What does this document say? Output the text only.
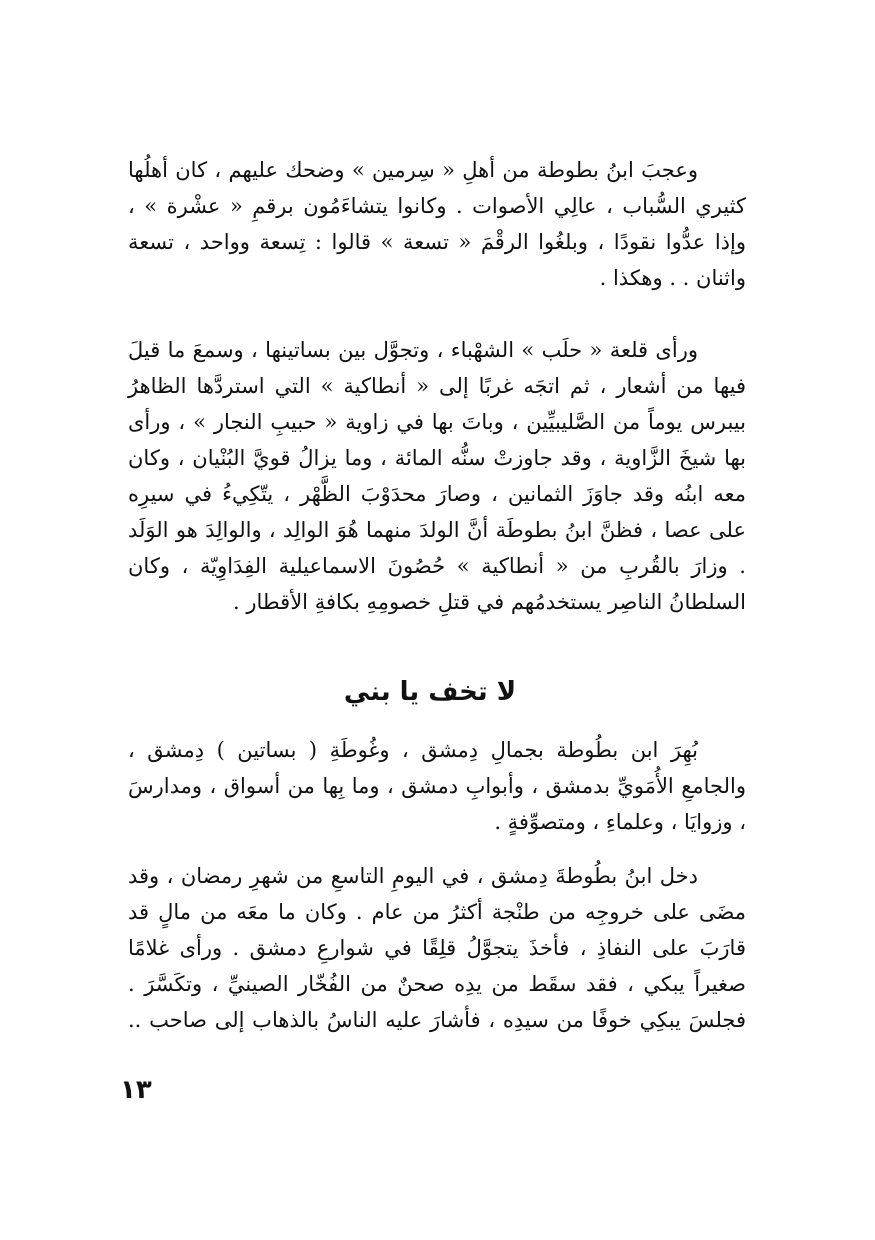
وعجبَ ابنُ بطوطة من أهلِ « سِرمين » وضحك عليهم ، كان أهلُها كثيري السُّباب ، عالِي الأصوات . وكانوا يتشاءَمُون برقمِ « عشْرة » ، وإذا عدُّوا نقودًا ، وبلغُوا الرقْمَ « تسعة » قالوا : تِسعة وواحد ، تسعة واثنان . . وهكذا .

ورأى قلعة « حلَب » الشهْباء ، وتجوَّل بين بساتينها ، وسمعَ ما قيلَ فيها من أشعار ، ثم اتجَه غربًا إلى « أنطاكية » التي استردَّها الظاهرُ بيبرس يوماً من الصَّليبيِّين ، وباتَ بها في زاوية « حبيبِ النجار » ، ورأى بها شيخَ الزَّاوية ، وقد جاوزتْ سنُّه المائة ، وما يزالُ قويَّ البُنْيان ، وكان معه ابنُه وقد جاوَزَ الثمانين ، وصارَ محدَوْبَ الظَّهْر ، يتّكِيءُ في سيرِه على عصا ، فظنَّ ابنُ بطوطَة أنَّ الولدَ منهما هُوَ الوالِد ، والوالِدَ هو الوَلَد . وزارَ بالقُربِ من « أنطاكية » حُصُونَ الاسماعيلية الفِدَاوِيّة ، وكان السلطانُ الناصِر يستخدمُهم في قتلِ خصومِهِ بكافةِ الأقطار .

لا تخف يا بني

بُهِرَ ابن بطُوطة بجمالِ دِمشق ، وغُوطَةِ ( بساتين ) دِمشق ، والجامعِ الأُمَويِّ بدمشق ، وأبوابِ دمشق ، وما بِها من أسواق ، ومدارسَ ، وزوايَا ، وعلماءِ ، ومتصوِّفةٍ .

دخل ابنُ بطُوطةَ دِمشق ، في اليومِ التاسعِ من شهرِ رمضان ، وقد مضَى على خروجِه من طنْجة أكثرُ من عام . وكان ما معَه من مالٍ قد قارَبَ على النفاذِ ، فأخذَ يتجوَّلُ قلِقًا في شوارعِ دمشق . ورأى غلامًا صغيراً يبكي ، فقد سقَط من يدِه صحنٌ من الفُخّار الصينيِّ ، وتكَسَّرَ . فجلسَ يبكِي خوفًا من سيدِه ، فأشارَ عليه الناسُ بالذهاب إلى صاحب ..

١٣
